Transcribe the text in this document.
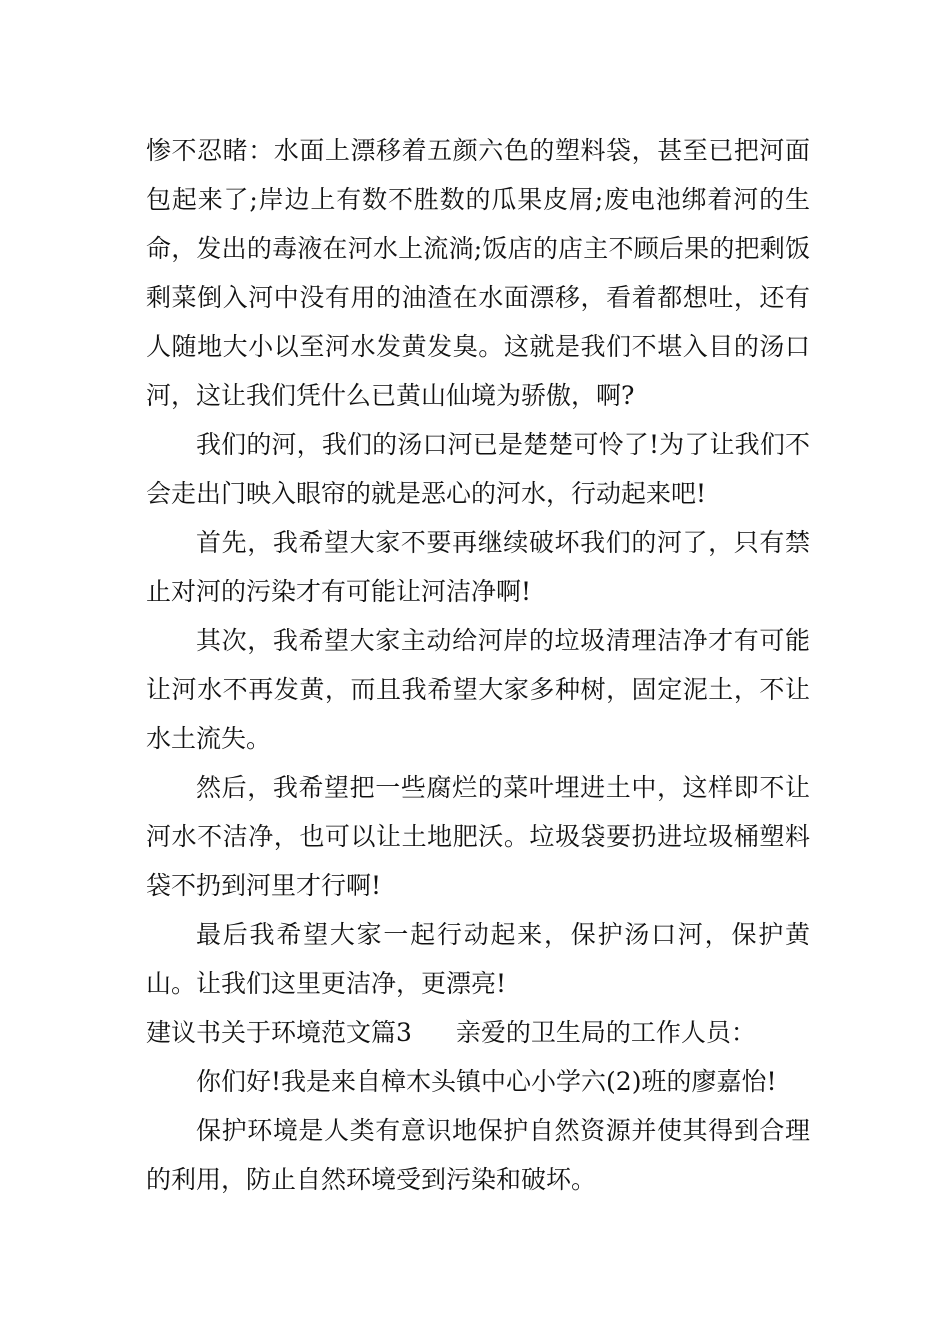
惨不忍睹：水面上漂移着五颜六色的塑料袋，甚至已把河面包起来了;岸边上有数不胜数的瓜果皮屑;废电池绑着河的生命，发出的毒液在河水上流淌;饭店的店主不顾后果的把剩饭剩菜倒入河中没有用的油渣在水面漂移，看着都想吐，还有人随地大小以至河水发黄发臭。这就是我们不堪入目的汤口河，这让我们凭什么已黄山仙境为骄傲，啊?

我们的河，我们的汤口河已是楚楚可怜了!为了让我们不会走出门映入眼帘的就是恶心的河水，行动起来吧!

首先，我希望大家不要再继续破坏我们的河了，只有禁止对河的污染才有可能让河洁净啊!

其次，我希望大家主动给河岸的垃圾清理洁净才有可能让河水不再发黄，而且我希望大家多种树，固定泥土，不让水土流失。

然后，我希望把一些腐烂的菜叶埋进土中，这样即不让河水不洁净，也可以让土地肥沃。垃圾袋要扔进垃圾桶塑料袋不扔到河里才行啊!

最后我希望大家一起行动起来，保护汤口河，保护黄山。让我们这里更洁净，更漂亮!

建议书关于环境范文篇3 亲爱的卫生局的工作人员：

你们好!我是来自樟木头镇中心小学六(2)班的廖嘉怡!

保护环境是人类有意识地保护自然资源并使其得到合理的利用，防止自然环境受到污染和破坏。
